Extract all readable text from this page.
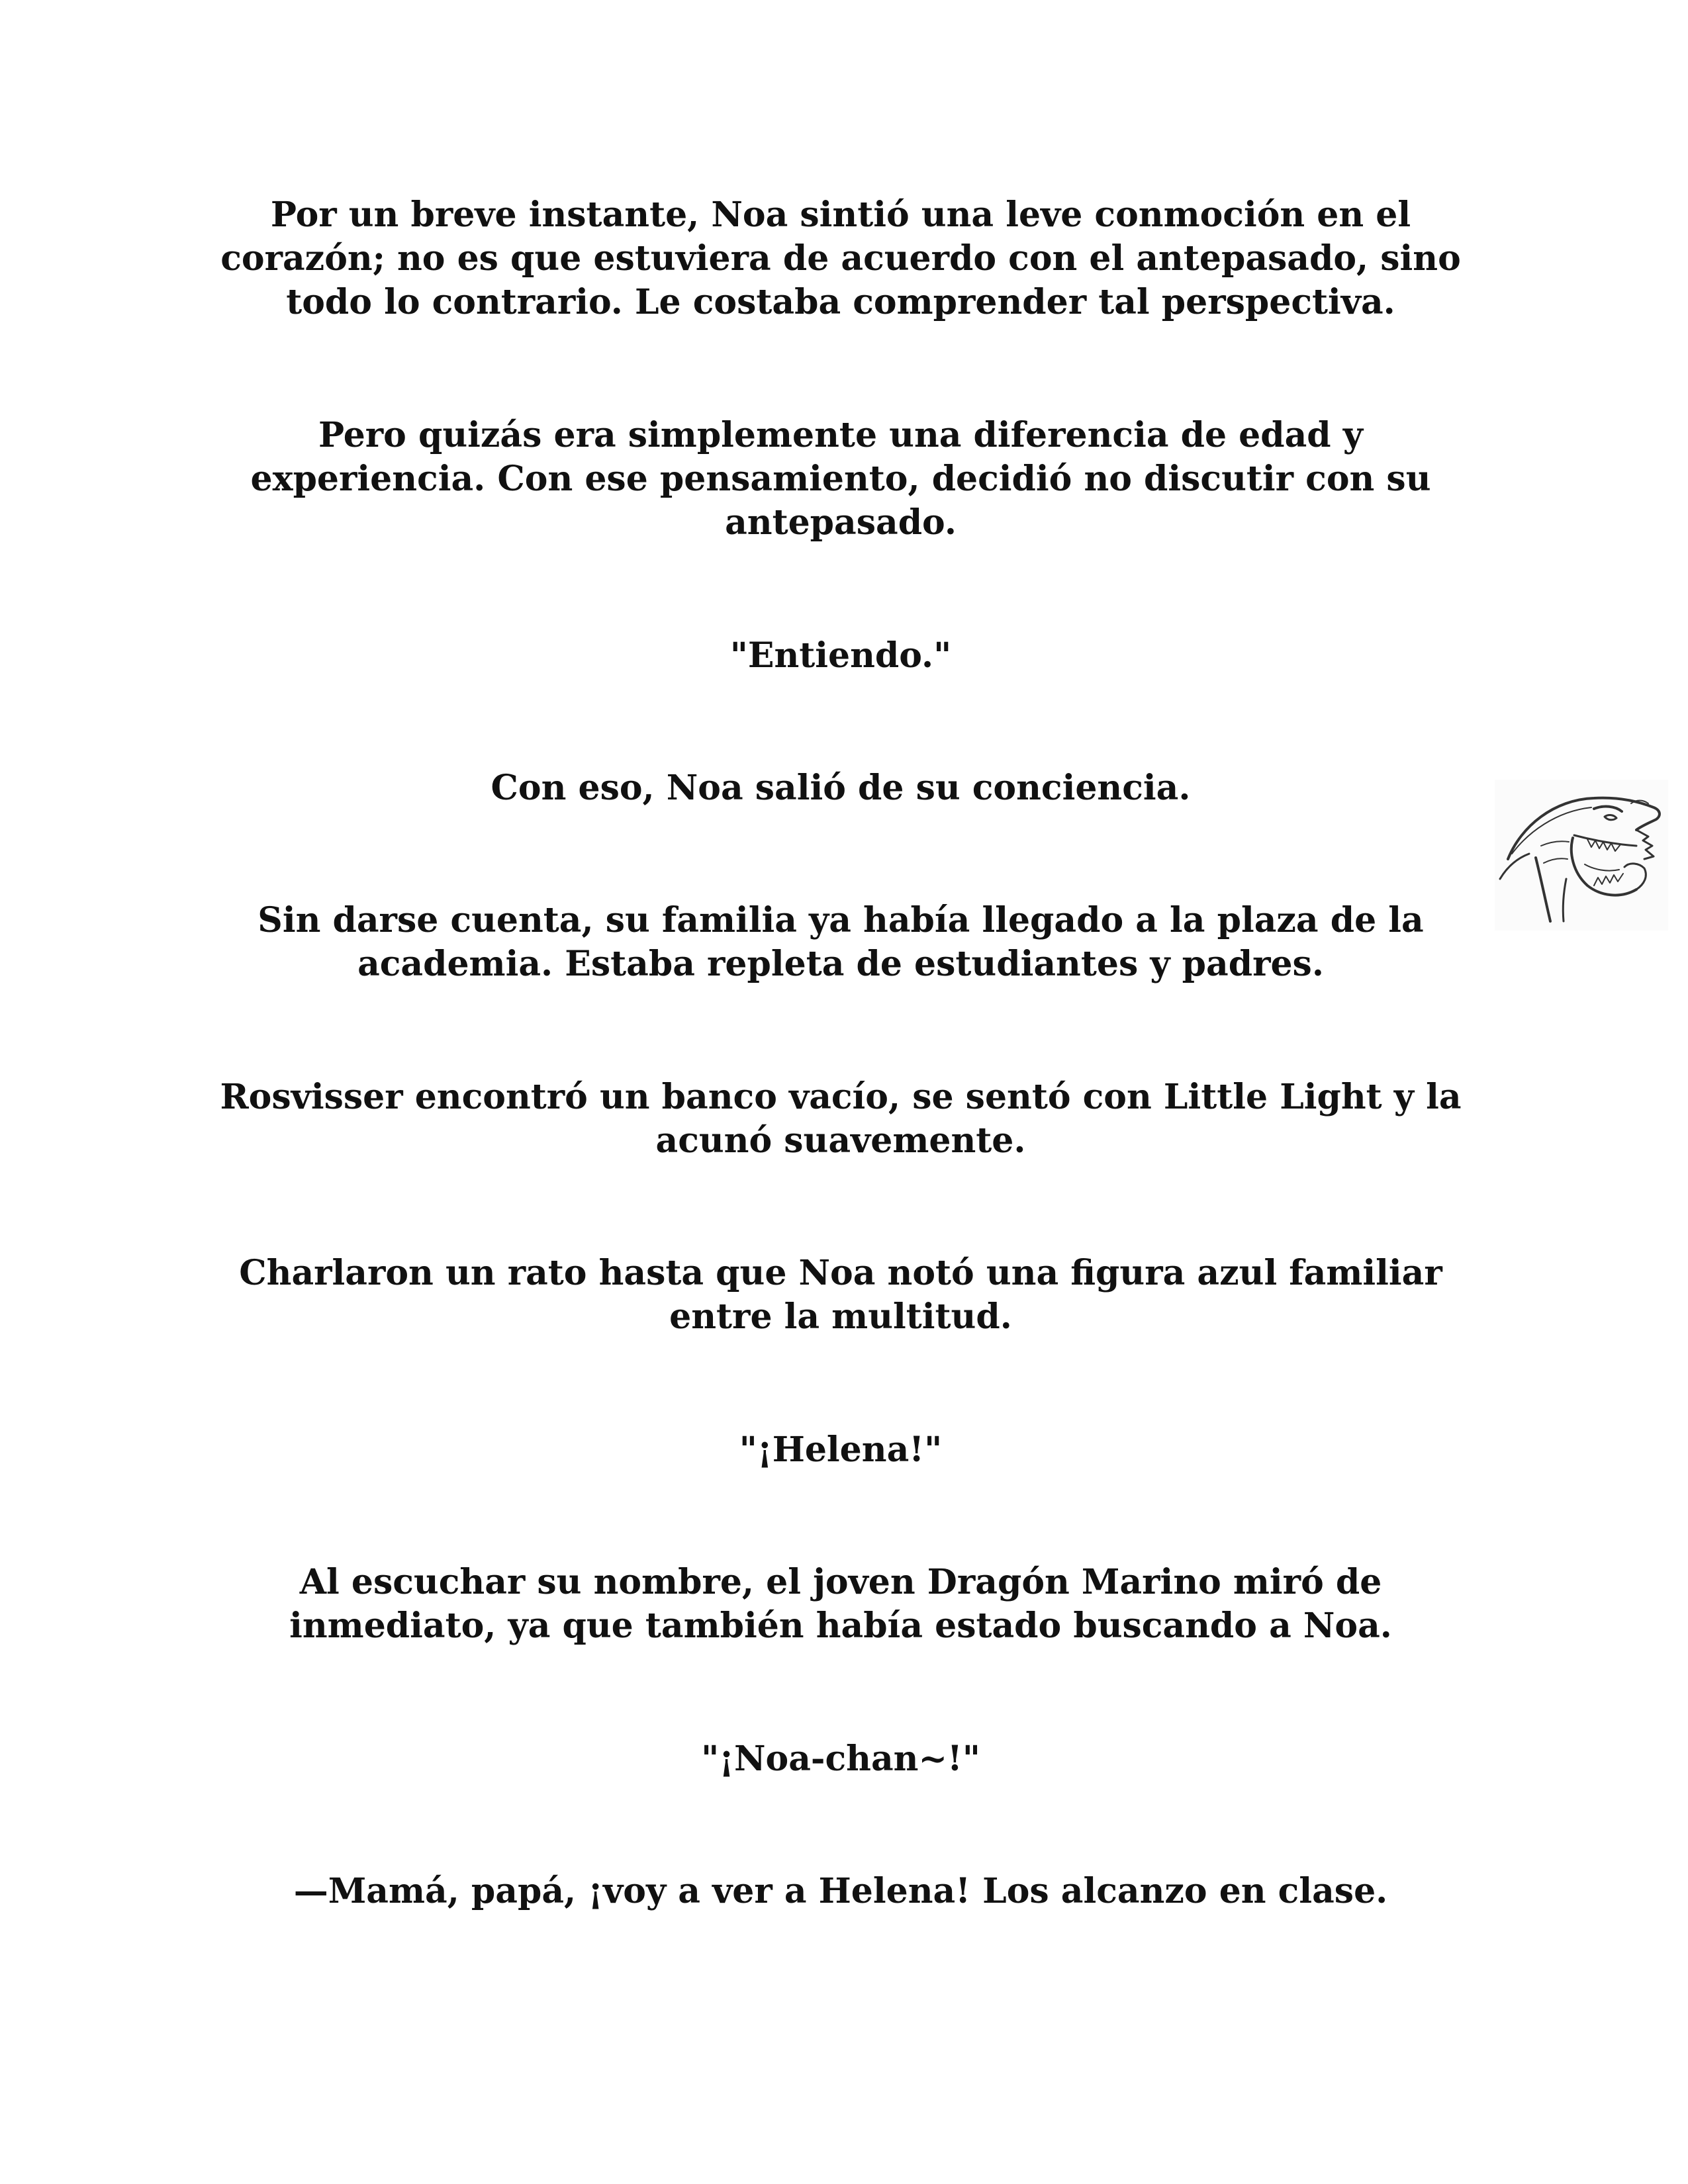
Por un breve instante, Noa sintió una leve conmoción en el corazón; no es que estuviera de acuerdo con el antepasado, sino todo lo contrario. Le costaba comprender tal perspectiva.

Pero quizás era simplemente una diferencia de edad y experiencia. Con ese pensamiento, decidió no discutir con su antepasado.

"Entiendo."

Con eso, Noa salió de su conciencia.

Sin darse cuenta, su familia ya había llegado a la plaza de la academia. Estaba repleta de estudiantes y padres.

Rosvisser encontró un banco vacío, se sentó con Little Light y la acunó suavemente.

Charlaron un rato hasta que Noa notó una figura azul familiar entre la multitud.

"¡Helena!"

Al escuchar su nombre, el joven Dragón Marino miró de inmediato, ya que también había estado buscando a Noa.

"¡Noa-chan~!"

—Mamá, papá, ¡voy a ver a Helena! Los alcanzo en clase.
